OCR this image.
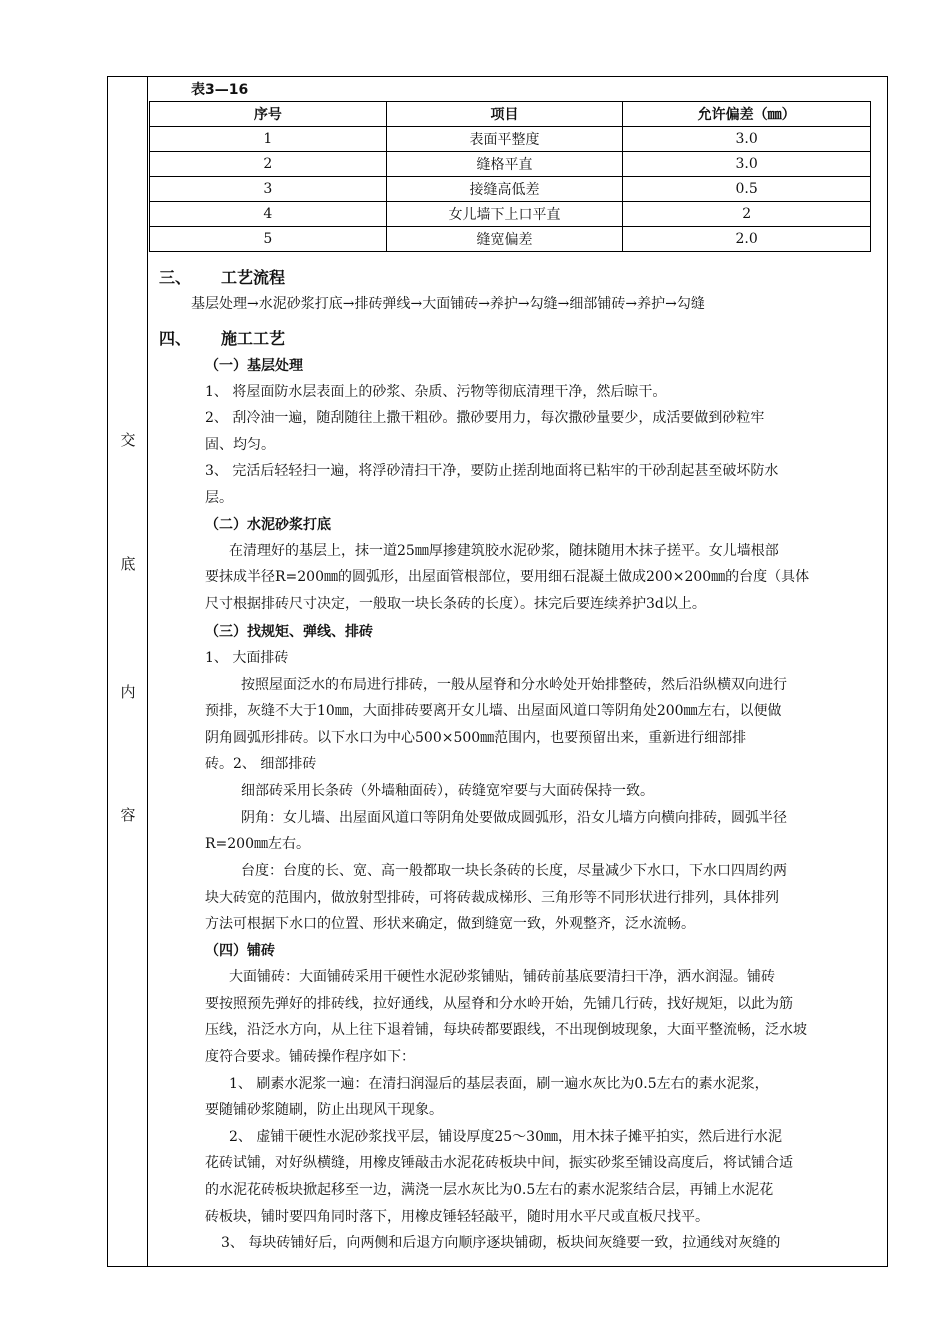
交
底
内
容
表3—16
序号	项目	允许偏差（㎜）
1	表面平整度	3.0
2	缝格平直	3.0
3	接缝高低差	0.5
4	女儿墙下上口平直	2
5	缝宽偏差	2.0
三、 工艺流程
基层处理→水泥砂浆打底→排砖弹线→大面铺砖→养护→勾缝→细部铺砖→养护→勾缝
四、 施工工艺
（一）基层处理
1、 将屋面防水层表面上的砂浆、杂质、污物等彻底清理干净，然后晾干。
2、 刮冷油一遍，随刮随往上撒干粗砂。撒砂要用力，每次撒砂量要少，成活要做到砂粒牢
固、均匀。
3、 完活后轻轻扫一遍，将浮砂清扫干净，要防止搓刮地面将已粘牢的干砂刮起甚至破坏防水
层。
（二）水泥砂浆打底
在清理好的基层上，抹一道25㎜厚掺建筑胶水泥砂浆，随抹随用木抹子搓平。女儿墙根部
要抹成半径R=200㎜的圆弧形，出屋面管根部位，要用细石混凝土做成200×200㎜的台度（具体
尺寸根据排砖尺寸决定，一般取一块长条砖的长度）。抹完后要连续养护3d以上。
（三）找规矩、弹线、排砖
1、 大面排砖
按照屋面泛水的布局进行排砖，一般从屋脊和分水岭处开始排整砖，然后沿纵横双向进行
预排，灰缝不大于10㎜，大面排砖要离开女儿墙、出屋面风道口等阴角处200㎜左右，以便做
阴角圆弧形排砖。以下水口为中心500×500㎜范围内，也要预留出来，重新进行细部排
砖。2、 细部排砖
细部砖采用长条砖（外墙釉面砖），砖缝宽窄要与大面砖保持一致。
阴角：女儿墙、出屋面风道口等阴角处要做成圆弧形，沿女儿墙方向横向排砖，圆弧半径
R=200㎜左右。
台度：台度的长、宽、高一般都取一块长条砖的长度，尽量减少下水口，下水口四周约两
块大砖宽的范围内，做放射型排砖，可将砖裁成梯形、三角形等不同形状进行排列，具体排列
方法可根据下水口的位置、形状来确定，做到缝宽一致，外观整齐，泛水流畅。
（四）铺砖
大面铺砖：大面铺砖采用干硬性水泥砂浆铺贴，铺砖前基底要清扫干净，洒水润湿。铺砖
要按照预先弹好的排砖线，拉好通线，从屋脊和分水岭开始，先铺几行砖，找好规矩，以此为筋
压线，沿泛水方向，从上往下退着铺，每块砖都要跟线，不出现倒坡现象，大面平整流畅，泛水坡
度符合要求。铺砖操作程序如下：
1、 刷素水泥浆一遍：在清扫润湿后的基层表面，刷一遍水灰比为0.5左右的素水泥浆，
要随铺砂浆随刷，防止出现风干现象。
2、 虚铺干硬性水泥砂浆找平层，铺设厚度25～30㎜，用木抹子摊平拍实，然后进行水泥
花砖试铺，对好纵横缝，用橡皮锤敲击水泥花砖板块中间，振实砂浆至铺设高度后，将试铺合适
的水泥花砖板块掀起移至一边，满浇一层水灰比为0.5左右的素水泥浆结合层，再铺上水泥花
砖板块，铺时要四角同时落下，用橡皮锤轻轻敲平，随时用水平尺或直板尺找平。
3、 每块砖铺好后，向两侧和后退方向顺序逐块铺砌，板块间灰缝要一致，拉通线对灰缝的
